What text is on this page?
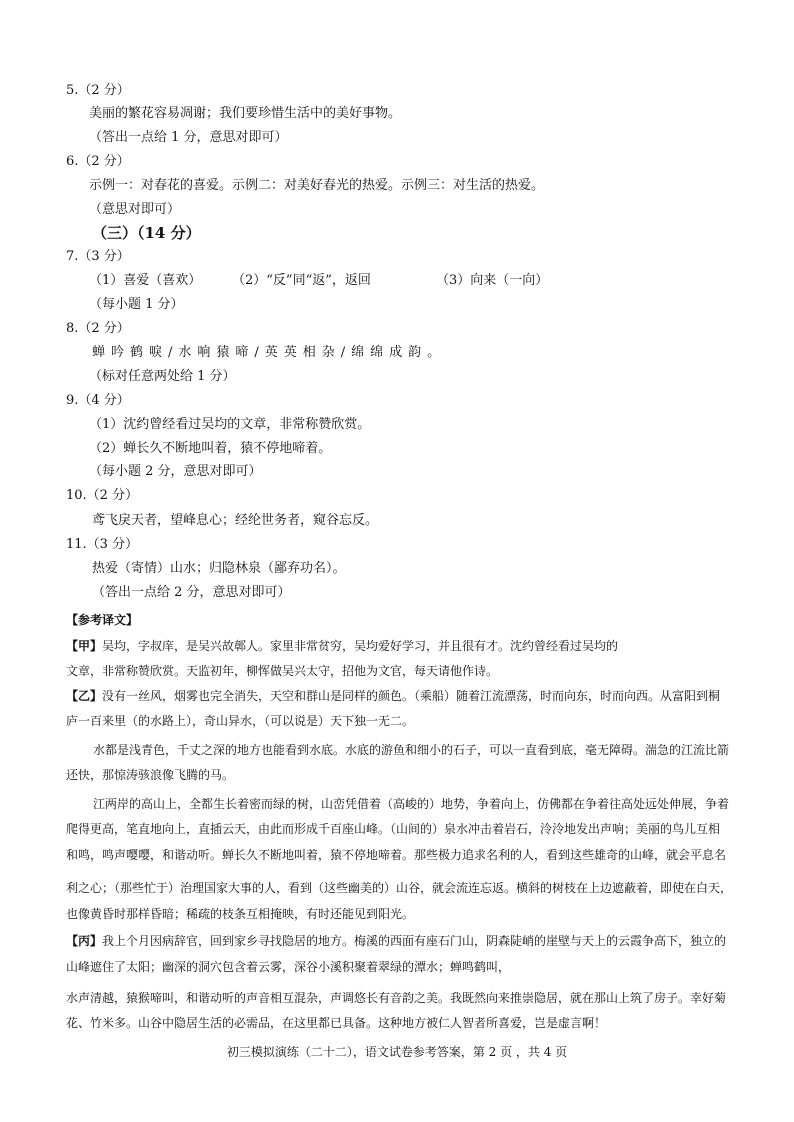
5.（2 分）
美丽的繁花容易凋谢；我们要珍惜生活中的美好事物。
（答出一点给 1 分，意思对即可）
6.（2 分）
示例一：对春花的喜爱。示例二：对美好春光的热爱。示例三：对生活的热爱。
（意思对即可）
（三）（14 分）
7.（3 分）
（1）喜爱（喜欢） （2）“反”同“返”，返回	（3）向来（一向）
（每小题 1 分）
8.（2 分）
蝉吟鹤唳/水响猿啼/英英相杂/绵绵成韵。
（标对任意两处给 1 分）
9.（4 分）
（1）沈约曾经看过吴均的文章，非常称赞欣赏。
（2）蝉长久不断地叫着，猿不停地啼着。
（每小题 2 分，意思对即可）
10.（2 分）
鸢飞戾天者，望峰息心；经纶世务者，窥谷忘反。
11.（3 分）
热爱（寄情）山水；归隐林泉（鄙弃功名）。
（答出一点给 2 分，意思对即可）
【参考译文】
【甲】吴均，字叔庠，是吴兴故鄣人。家里非常贫穷，吴均爱好学习，并且很有才。沈约曾经看过吴均的
文章，非常称赞欣赏。天监初年，柳恽做吴兴太守，招他为文官，每天请他作诗。
【乙】没有一丝风，烟雾也完全消失，天空和群山是同样的颜色。（乘船）随着江流漂荡，时而向东，时而向西。从富阳到桐
庐一百来里（的水路上），奇山异水，（可以说是）天下独一无二。
水都是浅青色，千丈之深的地方也能看到水底。水底的游鱼和细小的石子，可以一直看到底，毫无障碍。湍急的江流比箭
还快，那惊涛骇浪像飞腾的马。
江两岸的高山上，全都生长着密而绿的树，山峦凭借着（高峻的）地势，争着向上，仿佛都在争着往高处远处伸展，争着
爬得更高，笔直地向上，直插云天，由此而形成千百座山峰。（山间的）泉水冲击着岩石，泠泠地发出声响；美丽的鸟儿互相
和鸣，鸣声嘤嘤，和谐动听。蝉长久不断地叫着，猿不停地啼着。那些极力追求名利的人，看到这些雄奇的山峰，就会平息名
利之心；（那些忙于）治理国家大事的人，看到（这些幽美的）山谷，就会流连忘返。横斜的树枝在上边遮蔽着，即使在白天，
也像黄昏时那样昏暗；稀疏的枝条互相掩映，有时还能见到阳光。
【丙】我上个月因病辞官，回到家乡寻找隐居的地方。梅溪的西面有座石门山，阴森陡峭的崖壁与天上的云霞争高下，独立的
山峰遮住了太阳；幽深的洞穴包含着云雾，深谷小溪积聚着翠绿的潭水；蝉鸣鹤叫，
水声清越，猿猴啼叫，和谐动听的声音相互混杂，声调悠长有音韵之美。我既然向来推崇隐居，就在那山上筑了房子。幸好菊
花、竹米多。山谷中隐居生活的必需品，在这里都已具备。这种地方被仁人智者所喜爱，岂是虚言啊！
初三模拟演练（二十二），语文试卷参考答案，第 2 页 ，共 4 页
